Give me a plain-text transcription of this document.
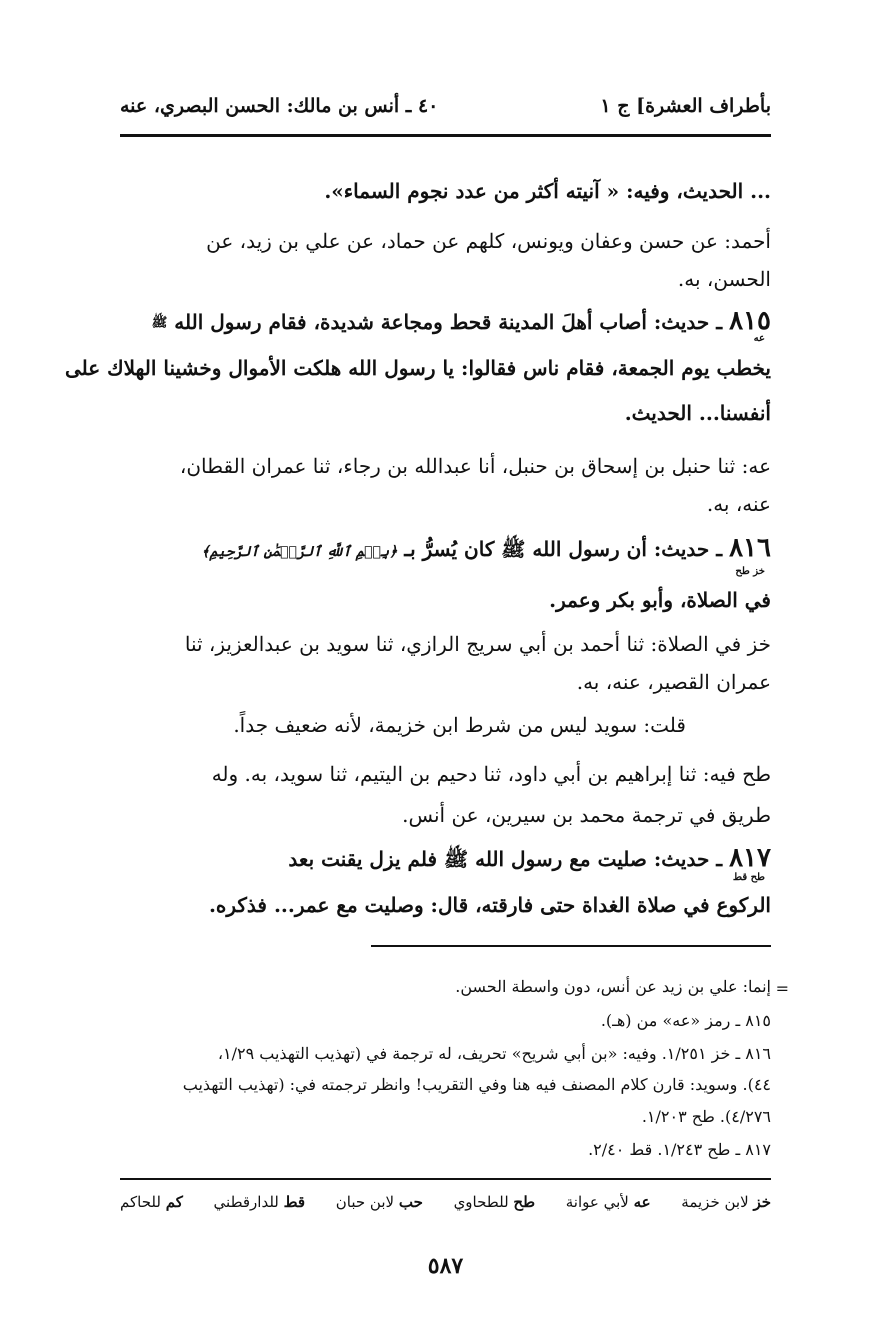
بأطراف العشرة] ج ١
٤٠ ـ أنس بن مالك: الحسن البصري، عنه
... الحديث، وفيه: « آنيته أكثر من عدد نجوم السماء».
أحمد: عن حسن وعفان ويونس، كلهم عن حماد، عن علي بن زيد، عن
الحسن، به.
٨١٥ ـ حديث: أصاب أهلَ المدينة قحط ومجاعة شديدة، فقام رسول الله ﷺ
عه
يخطب يوم الجمعة، فقام ناس فقالوا: يا رسول الله هلكت الأموال وخشينا الهلاك على
أنفسنا... الحديث.
عه: ثنا حنبل بن إسحاق بن حنبل، أنا عبدالله بن رجاء، ثنا عمران القطان،
عنه، به.
٨١٦ ـ حديث: أن رسول الله ﷺ كان يُسرُّ بـ ﴿بِسۡمِ ٱللَّهِ ٱلرَّحۡمَٰنِ ٱلرَّحِيمِ﴾
خز طح
في الصلاة، وأبو بكر وعمر.
خز في الصلاة: ثنا أحمد بن أبي سريج الرازي، ثنا سويد بن عبدالعزيز، ثنا
عمران القصير، عنه، به.
قلت: سويد ليس من شرط ابن خزيمة، لأنه ضعيف جداً.
طح فيه: ثنا إبراهيم بن أبي داود، ثنا دحيم بن اليتيم، ثنا سويد، به. وله
طريق في ترجمة محمد بن سيرين، عن أنس.
٨١٧ ـ حديث: صليت مع رسول الله ﷺ فلم يزل يقنت بعد
طح قط
الركوع في صلاة الغداة حتى فارقته، قال: وصليت مع عمر... فذكره.
=
إنما: علي بن زيد عن أنس، دون واسطة الحسن.
٨١٥ ـ رمز «عه» من (هـ).
٨١٦ ـ خز ١/٢٥١. وفيه: «بن أبي شريح» تحريف، له ترجمة في (تهذيب التهذيب ١/٢٩،
٤٤). وسويد: قارن كلام المصنف فيه هنا وفي التقريب! وانظر ترجمته في: (تهذيب التهذيب
٤/٢٧٦). طح ١/٢٠٣.
٨١٧ ـ طح ١/٢٤٣. قط ٢/٤٠.
خز لابن خزيمة
عه لأبي عوانة
طح للطحاوي
حب لابن حبان
قط للدارقطني
كم للحاكم
٥٨٧
